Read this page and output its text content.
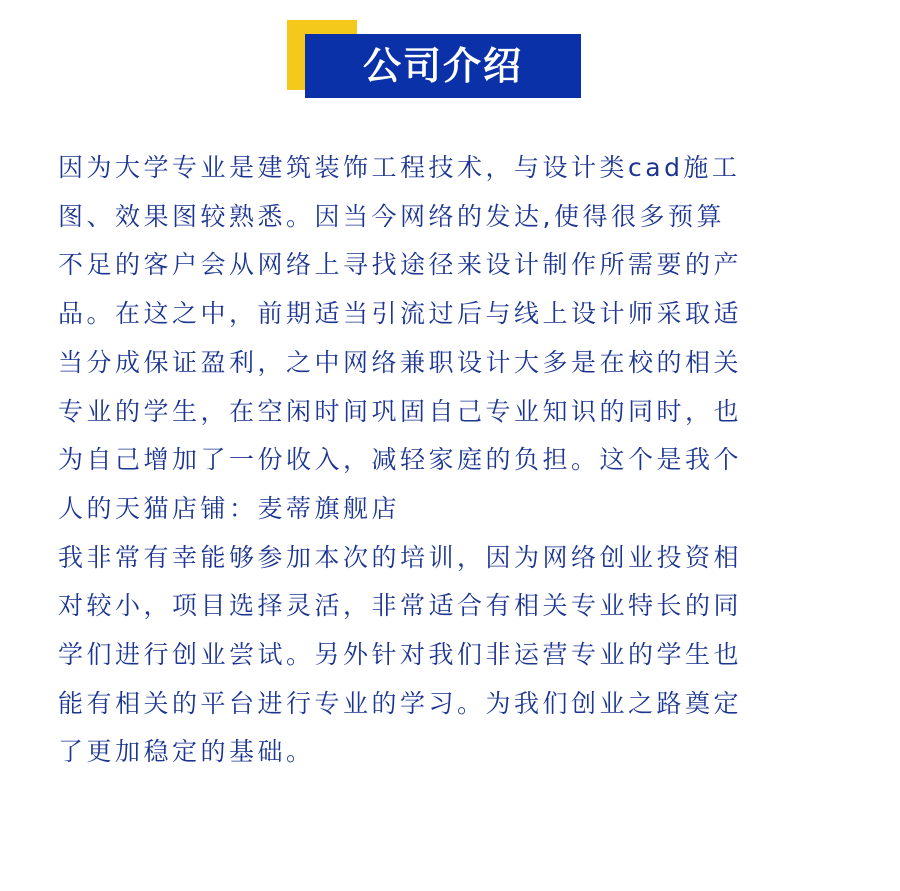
公司介绍
因为大学专业是建筑装饰工程技术，与设计类cad施工
图、效果图较熟悉。因当今网络的发达,使得很多预算
不足的客户会从网络上寻找途径来设计制作所需要的产
品。在这之中，前期适当引流过后与线上设计师采取适
当分成保证盈利，之中网络兼职设计大多是在校的相关
专业的学生，在空闲时间巩固自己专业知识的同时，也
为自己增加了一份收入，减轻家庭的负担。这个是我个
人的天猫店铺：麦蒂旗舰店
我非常有幸能够参加本次的培训，因为网络创业投资相
对较小，项目选择灵活，非常适合有相关专业特长的同
学们进行创业尝试。另外针对我们非运营专业的学生也
能有相关的平台进行专业的学习。为我们创业之路奠定
了更加稳定的基础。
